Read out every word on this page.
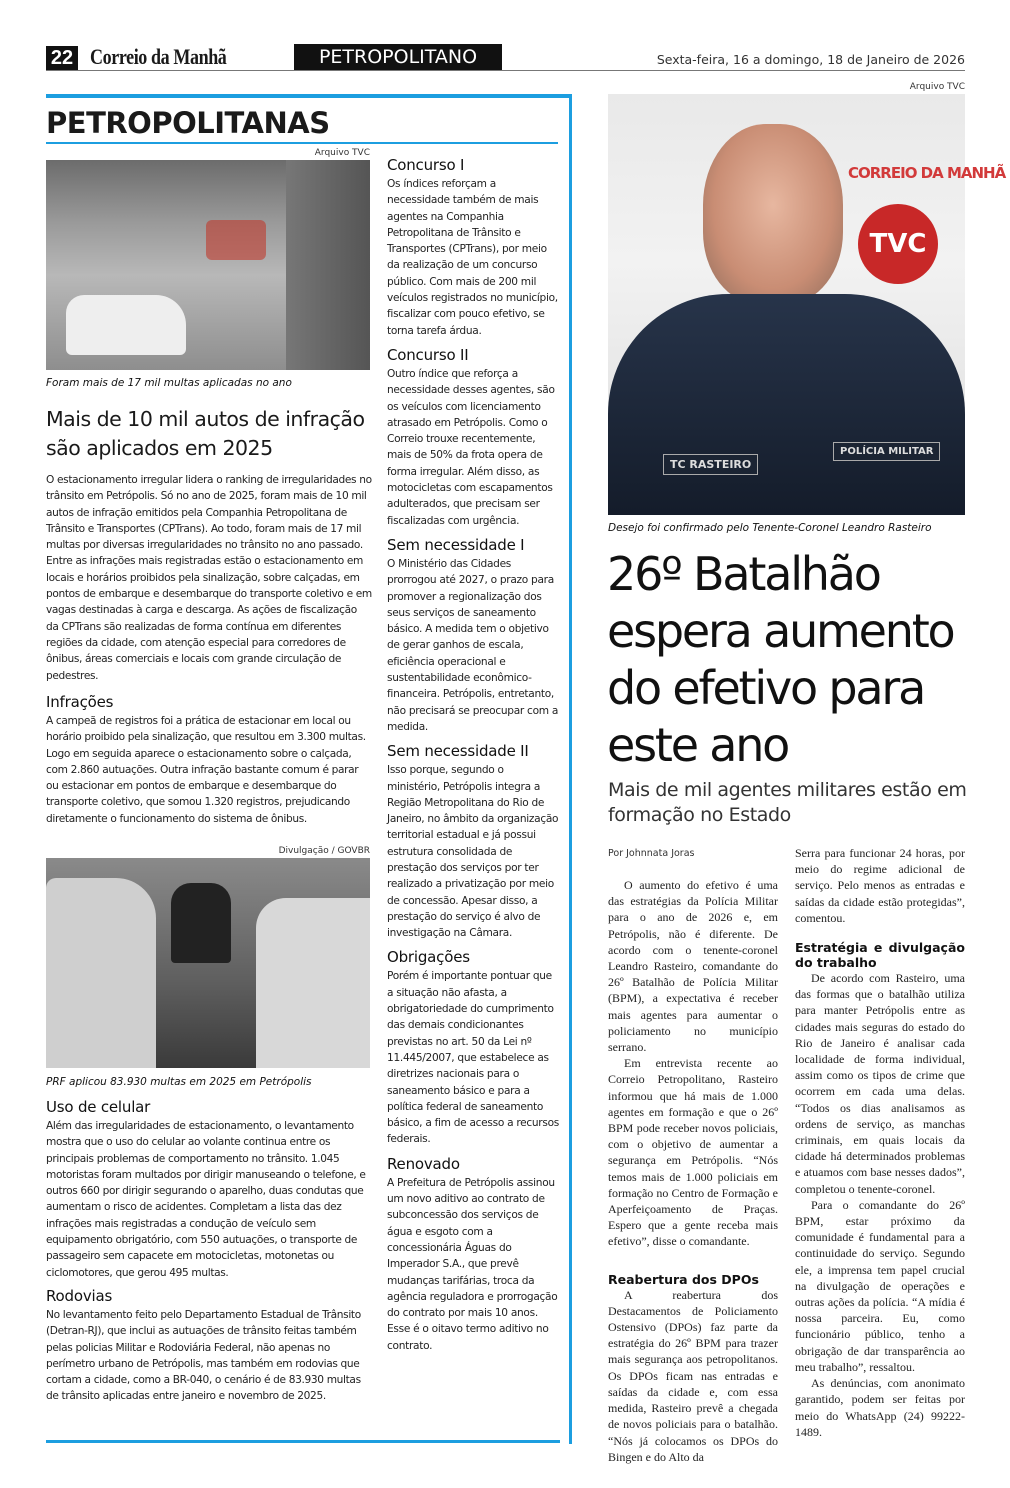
22 Correio da Manhã	PETROPOLITANO	Sexta-feira, 16 a domingo, 18 de Janeiro de 2026
PETROPOLITANAS
Arquivo TVC
Foram mais de 17 mil multas aplicadas no ano
Mais de 10 mil autos de infração são aplicados em 2025
O estacionamento irregular lidera o ranking de irregularidades no trânsito em Petrópolis. Só no ano de 2025, foram mais de 10 mil autos de infração emitidos pela Companhia Petropolitana de Trânsito e Transportes (CPTrans). Ao todo, foram mais de 17 mil multas por diversas irregularidades no trânsito no ano passado. Entre as infrações mais registradas estão o estacionamento em locais e horários proibidos pela sinalização, sobre calçadas, em pontos de embarque e desembarque do transporte coletivo e em vagas destinadas à carga e descarga. As ações de fiscalização da CPTrans são realizadas de forma contínua em diferentes regiões da cidade, com atenção especial para corredores de ônibus, áreas comerciais e locais com grande circulação de pedestres.
Infrações
A campeã de registros foi a prática de estacionar em local ou horário proibido pela sinalização, que resultou em 3.300 multas. Logo em seguida aparece o estacionamento sobre o calçada, com 2.860 autuações. Outra infração bastante comum é parar ou estacionar em pontos de embarque e desembarque do transporte coletivo, que somou 1.320 registros, prejudicando diretamente o funcionamento do sistema de ônibus.
Divulgação / GOVBR
PRF aplicou 83.930 multas em 2025 em Petrópolis
Uso de celular
Além das irregularidades de estacionamento, o levantamento mostra que o uso do celular ao volante continua entre os principais problemas de comportamento no trânsito. 1.045 motoristas foram multados por dirigir manuseando o telefone, e outros 660 por dirigir segurando o aparelho, duas condutas que aumentam o risco de acidentes. Completam a lista das dez infrações mais registradas a condução de veículo sem equipamento obrigatório, com 550 autuações, o transporte de passageiro sem capacete em motocicletas, motonetas ou ciclomotores, que gerou 495 multas.
Rodovias
No levantamento feito pelo Departamento Estadual de Trânsito (Detran-RJ), que inclui as autuações de trânsito feitas também pelas policias Militar e Rodoviária Federal, não apenas no perímetro urbano de Petrópolis, mas também em rodovias que cortam a cidade, como a BR-040, o cenário é de 83.930 multas de trânsito aplicadas entre janeiro e novembro de 2025.
Concurso I
Os índices reforçam a necessidade também de mais agentes na Companhia Petropolitana de Trânsito e Transportes (CPTrans), por meio da realização de um concurso público. Com mais de 200 mil veículos registrados no município, fiscalizar com pouco efetivo, se torna tarefa árdua.
Concurso II
Outro índice que reforça a necessidade desses agentes, são os veículos com licenciamento atrasado em Petrópolis. Como o Correio trouxe recentemente, mais de 50% da frota opera de forma irregular. Além disso, as motocicletas com escapamentos adulterados, que precisam ser fiscalizadas com urgência.
Sem necessidade I
O Ministério das Cidades prorrogou até 2027, o prazo para promover a regionalização dos seus serviços de saneamento básico. A medida tem o objetivo de gerar ganhos de escala, eficiência operacional e sustentabilidade econômico-financeira. Petrópolis, entretanto, não precisará se preocupar com a medida.
Sem necessidade II
Isso porque, segundo o ministério, Petrópolis integra a Região Metropolitana do Rio de Janeiro, no âmbito da organização territorial estadual e já possui estrutura consolidada de prestação dos serviços por ter realizado a privatização por meio de concessão. Apesar disso, a prestação do serviço é alvo de investigação na Câmara.
Obrigações
Porém é importante pontuar que a situação não afasta, a obrigatoriedade do cumprimento das demais condicionantes previstas no art. 50 da Lei nº 11.445/2007, que estabelece as diretrizes nacionais para o saneamento básico e para a política federal de saneamento básico, a fim de acesso a recursos federais.
Renovado
A Prefeitura de Petrópolis assinou um novo aditivo ao contrato de subconcessão dos serviços de água e esgoto com a concessionária Águas do Imperador S.A., que prevê mudanças tarifárias, troca da agência reguladora e prorrogação do contrato por mais 10 anos. Esse é o oitavo termo aditivo no contrato.
Arquivo TVC
CORREIO DA MANHÃ
TVC
TC RASTEIRO
POLÍCIA MILITAR
Desejo foi confirmado pelo Tenente-Coronel Leandro Rasteiro
26º Batalhão espera aumento do efetivo para este ano
Mais de mil agentes militares estão em formação no Estado
Por Johnnata Joras

O aumento do efetivo é uma das estratégias da Polícia Militar para o ano de 2026 e, em Petrópolis, não é diferente. De acordo com o tenente-coronel Leandro Rasteiro, comandante do 26º Batalhão de Polícia Militar (BPM), a expectativa é receber mais agentes para aumentar o policiamento no município serrano.

Em entrevista recente ao Correio Petropolitano, Rasteiro informou que há mais de 1.000 agentes em formação e que o 26º BPM pode receber novos policiais, com o objetivo de aumentar a segurança em Petrópolis. “Nós temos mais de 1.000 policiais em formação no Centro de Formação e Aperfeiçoamento de Praças. Espero que a gente receba mais efetivo”, disse o comandante.

Reabertura dos DPOs

A reabertura dos Destacamentos de Policiamento Ostensivo (DPOs) faz parte da estratégia do 26º BPM para trazer mais segurança aos petropolitanos. Os DPOs ficam nas entradas e saídas da cidade e, com essa medida, Rasteiro prevê a chegada de novos policiais para o batalhão. “Nós já colocamos os DPOs do Bingen e do Alto da

Serra para funcionar 24 horas, por meio do regime adicional de serviço. Pelo menos as entradas e saídas da cidade estão protegidas”, comentou.

Estratégia e divulgação do trabalho

De acordo com Rasteiro, uma das formas que o batalhão utiliza para manter Petrópolis entre as cidades mais seguras do estado do Rio de Janeiro é analisar cada localidade de forma individual, assim como os tipos de crime que ocorrem em cada uma delas. “Todos os dias analisamos as ordens de serviço, as manchas criminais, em quais locais da cidade há determinados problemas e atuamos com base nesses dados”, completou o tenente-coronel.

Para o comandante do 26º BPM, estar próximo da comunidade é fundamental para a continuidade do serviço. Segundo ele, a imprensa tem papel crucial na divulgação de operações e outras ações da polícia. “A mídia é nossa parceira. Eu, como funcionário público, tenho a obrigação de dar transparência ao meu trabalho”, ressaltou.

As denúncias, com anonimato garantido, podem ser feitas por meio do WhatsApp (24) 99222-1489.
